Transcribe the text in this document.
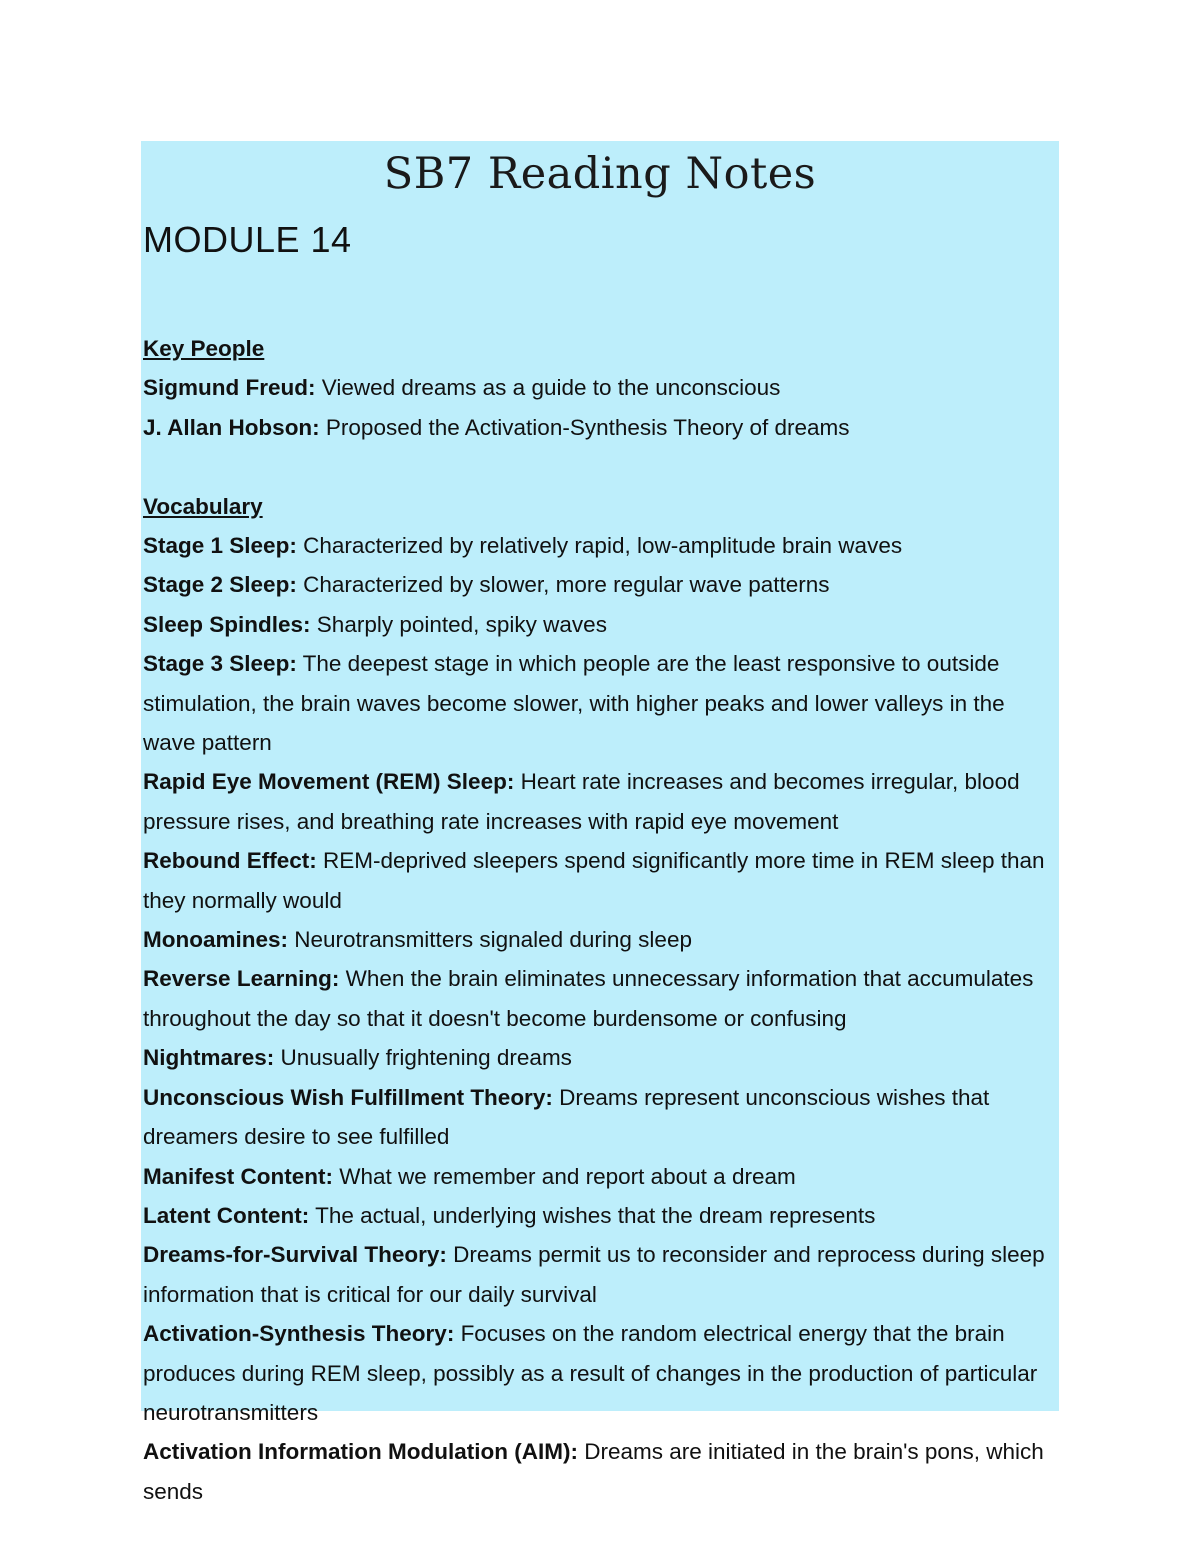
SB7 Reading Notes
MODULE 14

Key People

Sigmund Freud: Viewed dreams as a guide to the unconscious

J. Allan Hobson: Proposed the Activation-Synthesis Theory of dreams

Vocabulary

Stage 1 Sleep: Characterized by relatively rapid, low-amplitude brain waves

Stage 2 Sleep: Characterized by slower, more regular wave patterns

Sleep Spindles: Sharply pointed, spiky waves

Stage 3 Sleep: The deepest stage in which people are the least responsive to outside stimulation, the brain waves become slower, with higher peaks and lower valleys in the wave pattern

Rapid Eye Movement (REM) Sleep: Heart rate increases and becomes irregular, blood pressure rises, and breathing rate increases with rapid eye movement

Rebound Effect: REM-deprived sleepers spend significantly more time in REM sleep than they normally would

Monoamines: Neurotransmitters signaled during sleep

Reverse Learning: When the brain eliminates unnecessary information that accumulates throughout the day so that it doesn't become burdensome or confusing

Nightmares: Unusually frightening dreams

Unconscious Wish Fulfillment Theory: Dreams represent unconscious wishes that dreamers desire to see fulfilled

Manifest Content: What we remember and report about a dream

Latent Content: The actual, underlying wishes that the dream represents

Dreams-for-Survival Theory: Dreams permit us to reconsider and reprocess during sleep information that is critical for our daily survival

Activation-Synthesis Theory: Focuses on the random electrical energy that the brain produces during REM sleep, possibly as a result of changes in the production of particular neurotransmitters

Activation Information Modulation (AIM): Dreams are initiated in the brain's pons, which sends
